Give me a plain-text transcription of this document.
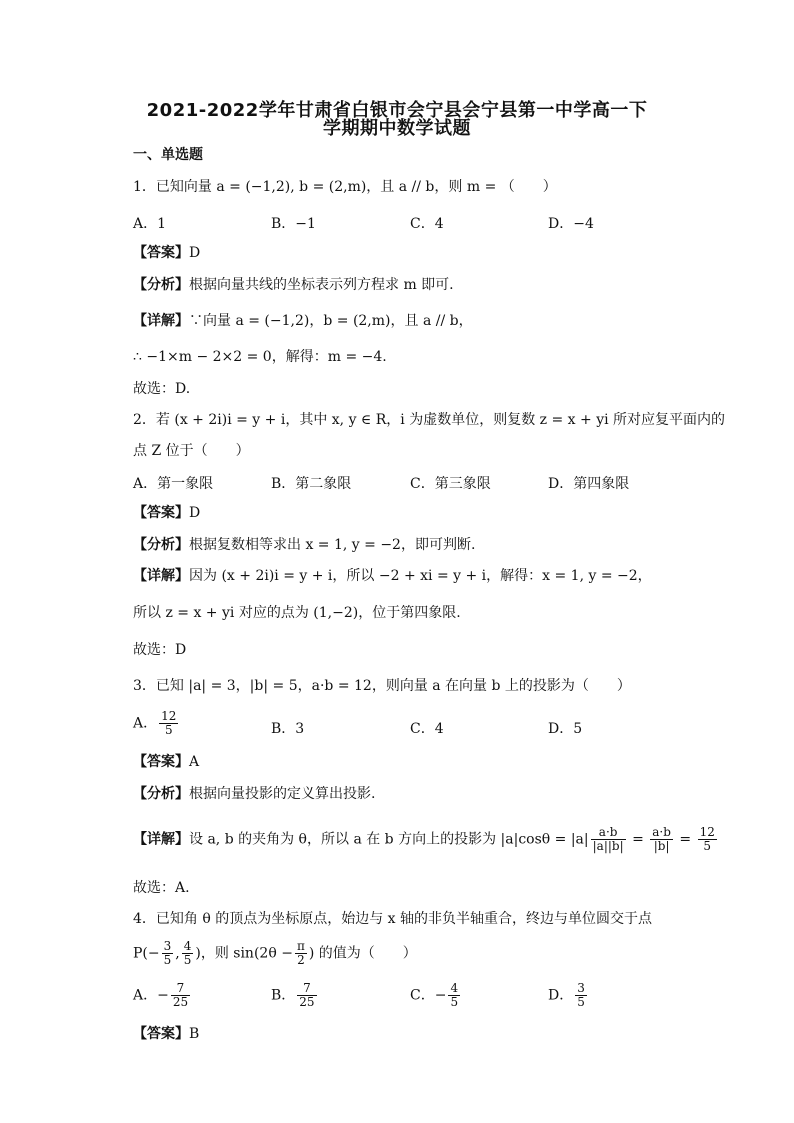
2021-2022学年甘肃省白银市会宁县会宁县第一中学高一下
学期期中数学试题
一、单选题
1．已知向量 a = (−1,2), b = (2,m)，且 a // b，则 m = （　　）
A．1	B．−1	C．4	D．−4
【答案】D
【分析】根据向量共线的坐标表示列方程求 m 即可.
【详解】∵向量 a = (−1,2)，b = (2,m)，且 a // b，
∴ −1×m − 2×2 = 0，解得：m = −4.
故选：D.
2．若 (x + 2i)i = y + i，其中 x, y ∈ R，i 为虚数单位，则复数 z = x + yi 所对应复平面内的
点 Z 位于（　　）
A．第一象限	B．第二象限	C．第三象限	D．第四象限
【答案】D
【分析】根据复数相等求出 x = 1, y = −2，即可判断.
【详解】因为 (x + 2i)i = y + i，所以 −2 + xi = y + i，解得：x = 1, y = −2，
所以 z = x + yi 对应的点为 (1,−2)，位于第四象限.
故选：D
3．已知 |a| = 3，|b| = 5，a·b = 12，则向量 a 在向量 b 上的投影为（　　）
A． $\frac{12}{5}$	B．3	C．4	D．5
【答案】A
【分析】根据向量投影的定义算出投影.
【详解】设 a, b 的夹角为 θ，所以 a 在 b 方向上的投影为 $|a|\cos\theta = |a| \frac{a\cdot b}{|a||b|} = \frac{a\cdot b}{|b|} = \frac{12}{5}$
故选：A.
4．已知角 θ 的顶点为坐标原点，始边与 x 轴的非负半轴重合，终边与单位圆交于点
$P(- \frac{3}{5}$ , $\frac{4}{5}$ )，则 $\sin(2\theta - \frac{\pi}{2}$ ) 的值为（　　）
A．− $\frac{7}{25}$	B． $\frac{7}{25}$	C．− $\frac{4}{5}$	D． $\frac{3}{5}$
【答案】B
